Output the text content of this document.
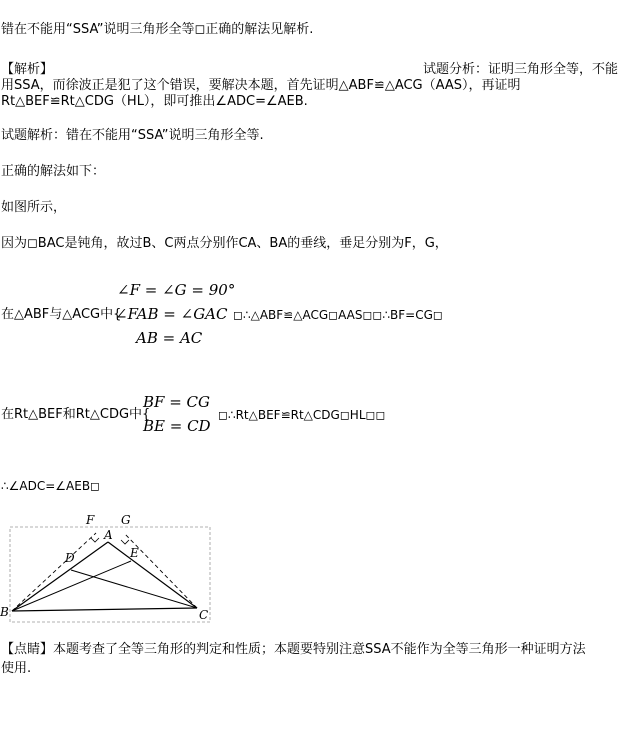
错在不能用“SSA”说明三角形全等◻正确的解法见解析.
【解析】	试题分析：证明三角形全等，不能
用SSA，而徐波正是犯了这个错误，要解决本题，首先证明△ABF≌△ACG（AAS），再证明
Rt△BEF≌Rt△CDG（HL），即可推出∠ADC=∠AEB.
试题解析：错在不能用“SSA”说明三角形全等.
正确的解法如下：
如图所示，
因为◻BAC是钝角，故过B、C两点分别作CA、BA的垂线，垂足分别为F，G，
在△ABF与△ACG中{
∠F = ∠G = 90°
∠FAB = ∠GAC
AB = AC
◻∴△ABF≌△ACG◻AAS◻◻∴BF=CG◻
在Rt△BEF和Rt△CDG中{
BF = CG
BE = CD
◻∴Rt△BEF≌Rt△CDG◻HL◻◻
∴∠ADC=∠AEB◻
F G
A
D	E
B	C
【点睛】本题考查了全等三角形的判定和性质；本题要特别注意SSA不能作为全等三角形一种证明方法
使用.
